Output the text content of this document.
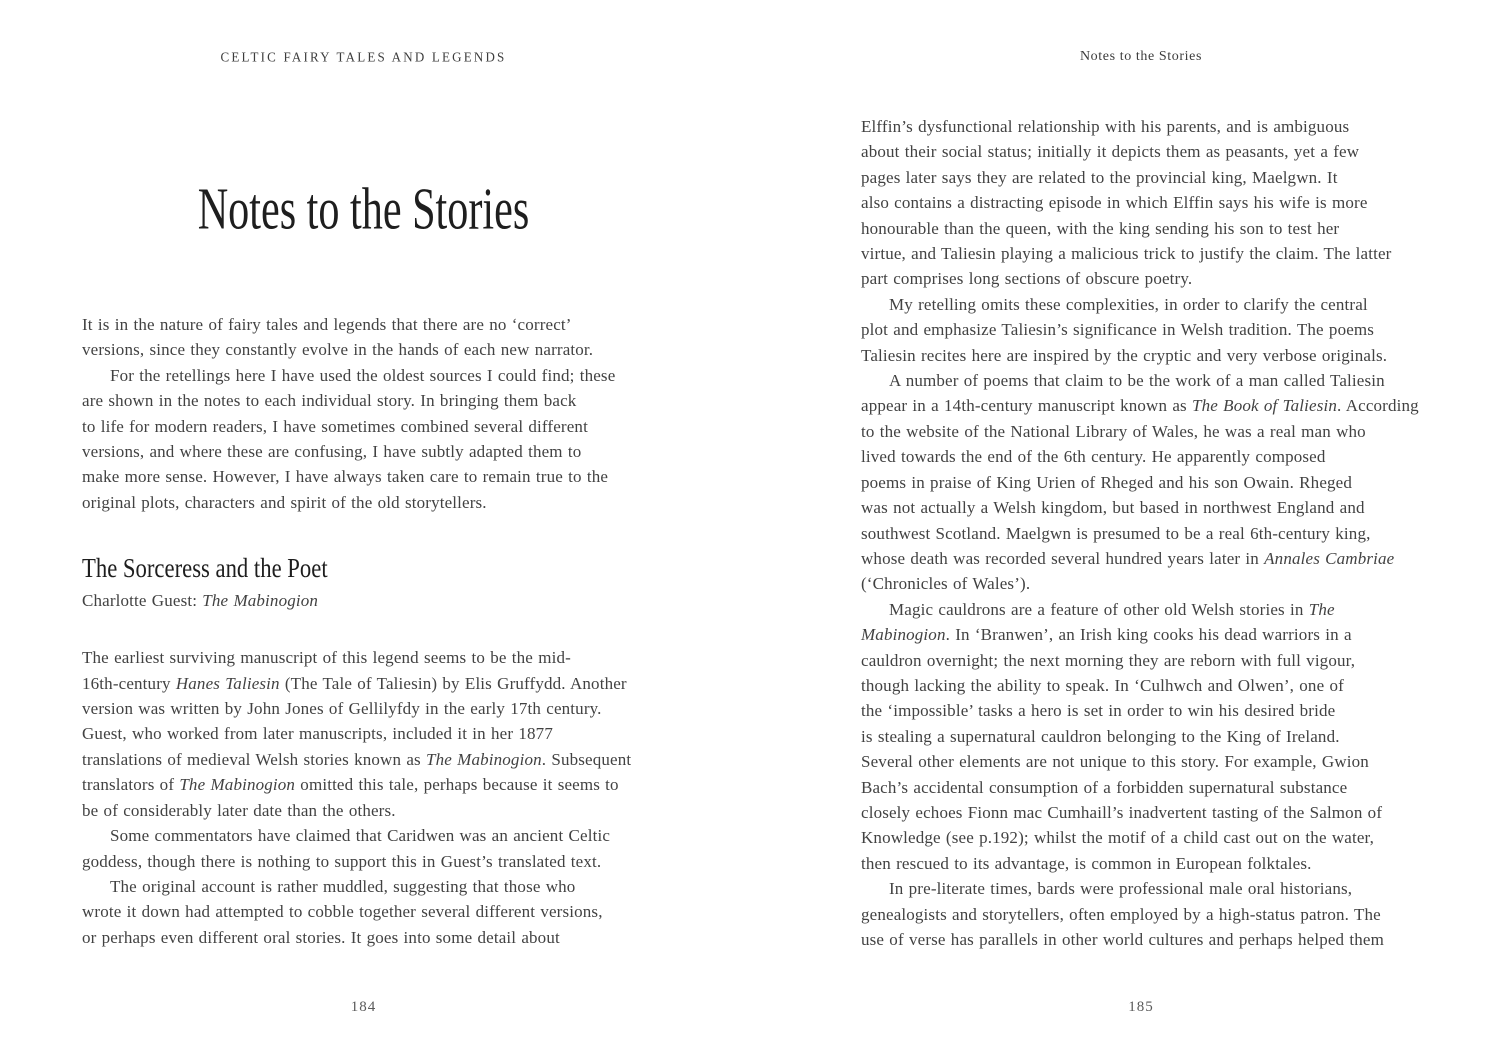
CELTIC FAIRY TALES AND LEGENDS
Notes to the Stories
It is in the nature of fairy tales and legends that there are no ‘correct’
versions, since they constantly evolve in the hands of each new narrator.
For the retellings here I have used the oldest sources I could find; these
are shown in the notes to each individual story. In bringing them back
to life for modern readers, I have sometimes combined several different
versions, and where these are confusing, I have subtly adapted them to
make more sense. However, I have always taken care to remain true to the
original plots, characters and spirit of the old storytellers.
The Sorceress and the Poet
Charlotte Guest: The Mabinogion
The earliest surviving manuscript of this legend seems to be the mid-
16th-century Hanes Taliesin (The Tale of Taliesin) by Elis Gruffydd. Another
version was written by John Jones of Gellilyfdy in the early 17th century.
Guest, who worked from later manuscripts, included it in her 1877
translations of medieval Welsh stories known as The Mabinogion. Subsequent
translators of The Mabinogion omitted this tale, perhaps because it seems to
be of considerably later date than the others.
Some commentators have claimed that Caridwen was an ancient Celtic
goddess, though there is nothing to support this in Guest’s translated text.
The original account is rather muddled, suggesting that those who
wrote it down had attempted to cobble together several different versions,
or perhaps even different oral stories. It goes into some detail about
184
Notes to the Stories
Elffin’s dysfunctional relationship with his parents, and is ambiguous
about their social status; initially it depicts them as peasants, yet a few
pages later says they are related to the provincial king, Maelgwn. It
also contains a distracting episode in which Elffin says his wife is more
honourable than the queen, with the king sending his son to test her
virtue, and Taliesin playing a malicious trick to justify the claim. The latter
part comprises long sections of obscure poetry.
My retelling omits these complexities, in order to clarify the central
plot and emphasize Taliesin’s significance in Welsh tradition. The poems
Taliesin recites here are inspired by the cryptic and very verbose originals.
A number of poems that claim to be the work of a man called Taliesin
appear in a 14th-century manuscript known as The Book of Taliesin. According
to the website of the National Library of Wales, he was a real man who
lived towards the end of the 6th century. He apparently composed
poems in praise of King Urien of Rheged and his son Owain. Rheged
was not actually a Welsh kingdom, but based in northwest England and
southwest Scotland. Maelgwn is presumed to be a real 6th-century king,
whose death was recorded several hundred years later in Annales Cambriae
(‘Chronicles of Wales’).
Magic cauldrons are a feature of other old Welsh stories in The
Mabinogion. In ‘Branwen’, an Irish king cooks his dead warriors in a
cauldron overnight; the next morning they are reborn with full vigour,
though lacking the ability to speak. In ‘Culhwch and Olwen’, one of
the ‘impossible’ tasks a hero is set in order to win his desired bride
is stealing a supernatural cauldron belonging to the King of Ireland.
Several other elements are not unique to this story. For example, Gwion
Bach’s accidental consumption of a forbidden supernatural substance
closely echoes Fionn mac Cumhaill’s inadvertent tasting of the Salmon of
Knowledge (see p.192); whilst the motif of a child cast out on the water,
then rescued to its advantage, is common in European folktales.
In pre-literate times, bards were professional male oral historians,
genealogists and storytellers, often employed by a high-status patron. The
use of verse has parallels in other world cultures and perhaps helped them
185
